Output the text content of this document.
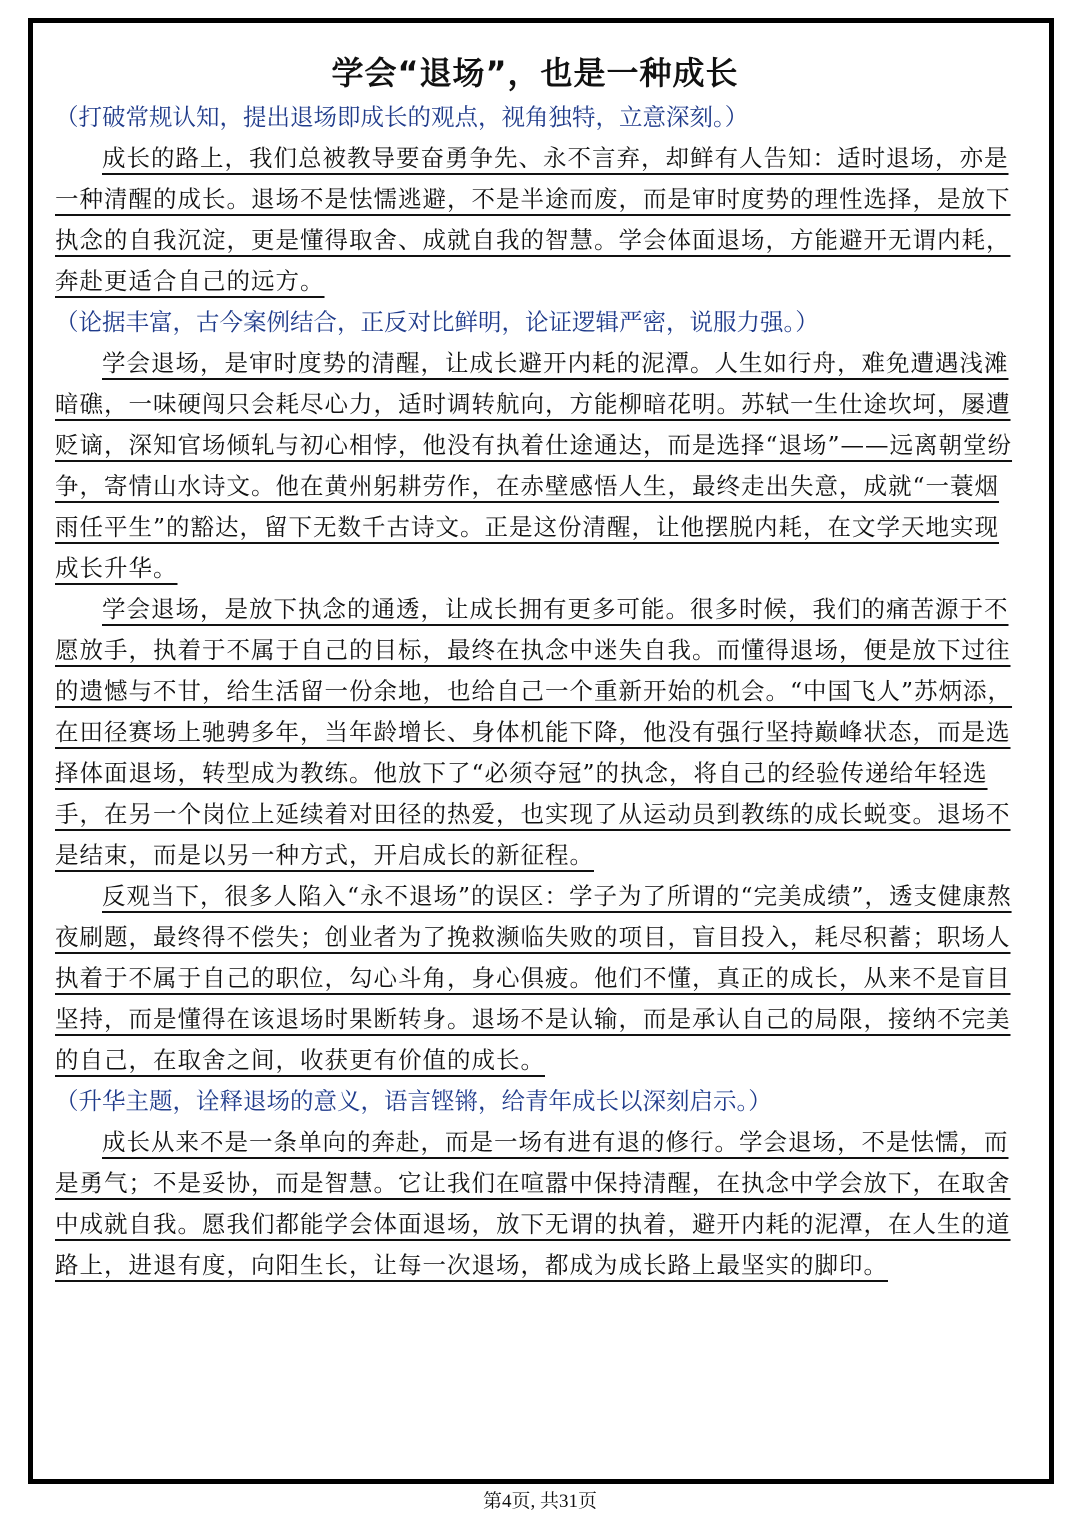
学会“退场”，也是一种成长

（打破常规认知，提出退场即成长的观点，视角独特，立意深刻。）

成长的路上，我们总被教导要奋勇争先、永不言弃，却鲜有人告知：适时退场，亦是一种清醒的成长。退场不是怯懦逃避，不是半途而废，而是审时度势的理性选择，是放下执念的自我沉淀，更是懂得取舍、成就自我的智慧。学会体面退场，方能避开无谓内耗，奔赴更适合自己的远方。

（论据丰富，古今案例结合，正反对比鲜明，论证逻辑严密，说服力强。）

学会退场，是审时度势的清醒，让成长避开内耗的泥潭。人生如行舟，难免遭遇浅滩暗礁，一味硬闯只会耗尽心力，适时调转航向，方能柳暗花明。苏轼一生仕途坎坷，屡遭贬谪，深知官场倾轧与初心相悖，他没有执着仕途通达，而是选择“退场”——远离朝堂纷争，寄情山水诗文。他在黄州躬耕劳作，在赤壁感悟人生，最终走出失意，成就“一蓑烟雨任平生”的豁达，留下无数千古诗文。正是这份清醒，让他摆脱内耗，在文学天地实现成长升华。

学会退场，是放下执念的通透，让成长拥有更多可能。很多时候，我们的痛苦源于不愿放手，执着于不属于自己的目标，最终在执念中迷失自我。而懂得退场，便是放下过往的遗憾与不甘，给生活留一份余地，也给自己一个重新开始的机会。“中国飞人”苏炳添，在田径赛场上驰骋多年，当年龄增长、身体机能下降，他没有强行坚持巅峰状态，而是选择体面退场，转型成为教练。他放下了“必须夺冠”的执念，将自己的经验传递给年轻选手，在另一个岗位上延续着对田径的热爱，也实现了从运动员到教练的成长蜕变。退场不是结束，而是以另一种方式，开启成长的新征程。

反观当下，很多人陷入“永不退场”的误区：学子为了所谓的“完美成绩”，透支健康熬夜刷题，最终得不偿失；创业者为了挽救濒临失败的项目，盲目投入，耗尽积蓄；职场人执着于不属于自己的职位，勾心斗角，身心俱疲。他们不懂，真正的成长，从来不是盲目坚持，而是懂得在该退场时果断转身。退场不是认输，而是承认自己的局限，接纳不完美的自己，在取舍之间，收获更有价值的成长。

（升华主题，诠释退场的意义，语言铿锵，给青年成长以深刻启示。）

成长从来不是一条单向的奔赴，而是一场有进有退的修行。学会退场，不是怯懦，而是勇气；不是妥协，而是智慧。它让我们在喧嚣中保持清醒，在执念中学会放下，在取舍中成就自我。愿我们都能学会体面退场，放下无谓的执着，避开内耗的泥潭，在人生的道路上，进退有度，向阳生长，让每一次退场，都成为成长路上最坚实的脚印。

第4页, 共31页
